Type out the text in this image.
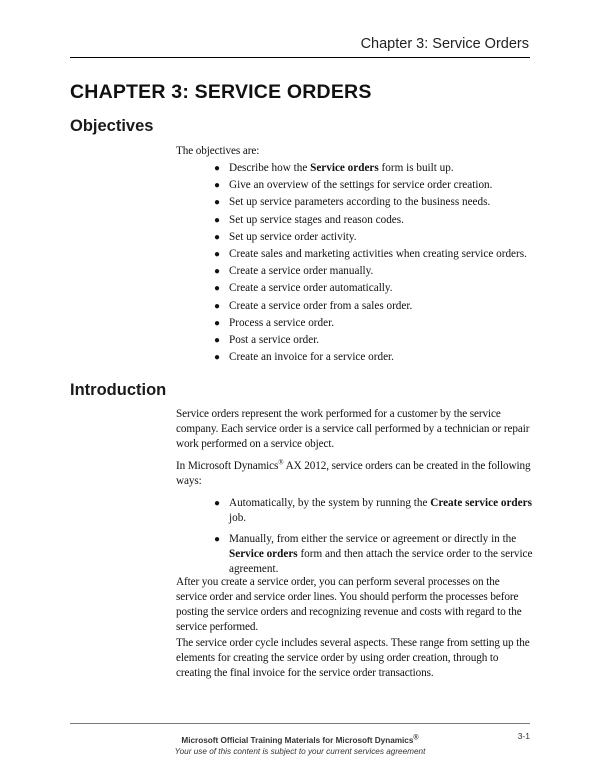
Chapter 3: Service Orders
CHAPTER 3: SERVICE ORDERS
Objectives

The objectives are:

● Describe how the Service orders form is built up.
● Give an overview of the settings for service order creation.
● Set up service parameters according to the business needs.
● Set up service stages and reason codes.
● Set up service order activity.
● Create sales and marketing activities when creating service orders.
● Create a service order manually.
● Create a service order automatically.
● Create a service order from a sales order.
● Process a service order.
● Post a service order.
● Create an invoice for a service order.
Introduction

Service orders represent the work performed for a customer by the service company. Each service order is a service call performed by a technician or repair work performed on a service object.

In Microsoft Dynamics® AX 2012, service orders can be created in the following ways:

● Automatically, by the system by running the Create service orders job.
● Manually, from either the service or agreement or directly in the Service orders form and then attach the service order to the service agreement.

After you create a service order, you can perform several processes on the service order and service order lines. You should perform the processes before posting the service orders and recognizing revenue and costs with regard to the service performed.

The service order cycle includes several aspects. These range from setting up the elements for creating the service order by using order creation, through to creating the final invoice for the service order transactions.

Microsoft Official Training Materials for Microsoft Dynamics®
Your use of this content is subject to your current services agreement
3-1
